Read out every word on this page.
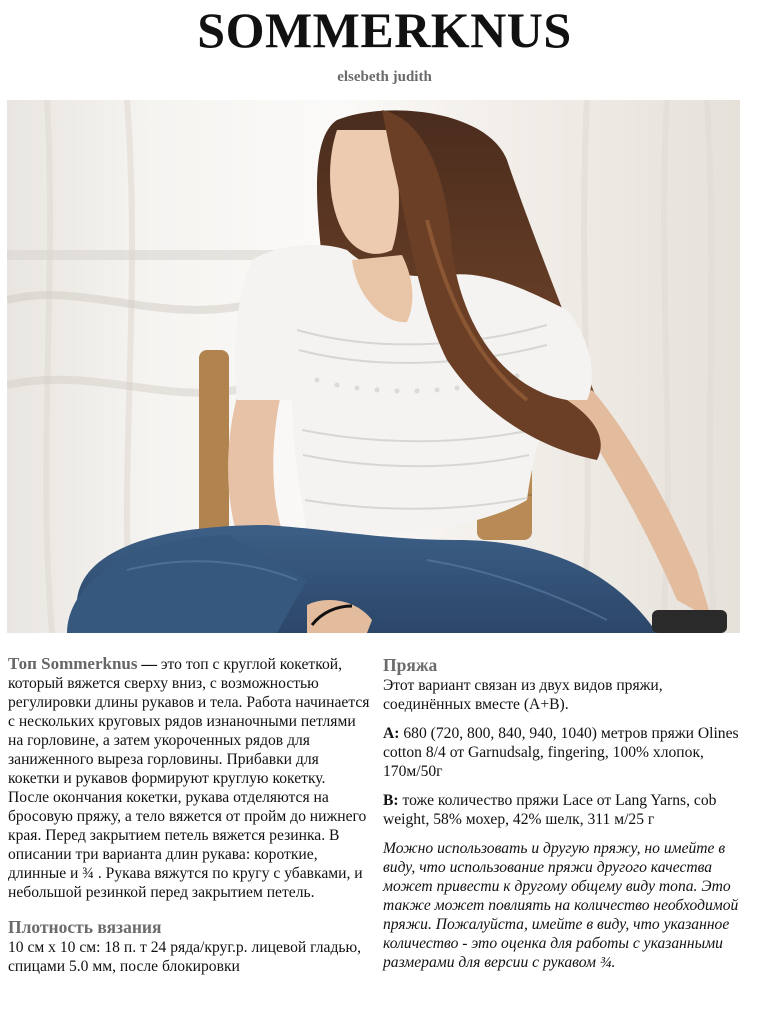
SOMMERKNUS
elsebeth judith

Топ Sommerknus — это топ с круглой кокеткой, который вяжется сверху вниз, с возможностью регулировки длины рукавов и тела. Работа начинается с нескольких круговых рядов изнаночными петлями на горловине, а затем укороченных рядов для заниженного выреза горловины. Прибавки для кокетки и рукавов формируют круглую кокетку. После окончания кокетки, рукава отделяются на бросовую пряжу, а тело вяжется от пройм до нижнего края. Перед закрытием петель вяжется резинка. В описании три варианта длин рукава: короткие, длинные и ¾ . Рукава вяжутся по кругу с убавками, и небольшой резинкой перед закрытием петель.

Плотность вязания

10 см x 10 см: 18 п. т 24 ряда/круг.р. лицевой гладью, спицами 5.0 мм, после блокировки

Пряжа

Этот вариант связан из двух видов пряжи, соединённых вместе (A+B).

A: 680 (720, 800, 840, 940, 1040) метров пряжи Olines cotton 8/4 от Garnudsalg, fingering, 100% хлопок, 170м/50г

B: тоже количество пряжи Lace от Lang Yarns, cob weight, 58% мохер, 42% шелк, 311 м/25 г

Можно использовать и другую пряжу, но имейте в виду, что использование пряжи другого качества может привести к другому общему виду топа. Это также может повлиять на количество необходимой пряжи. Пожалуйста, имейте в виду, что указанное количество - это оценка для работы с указанными размерами для версии с рукавом ¾.
